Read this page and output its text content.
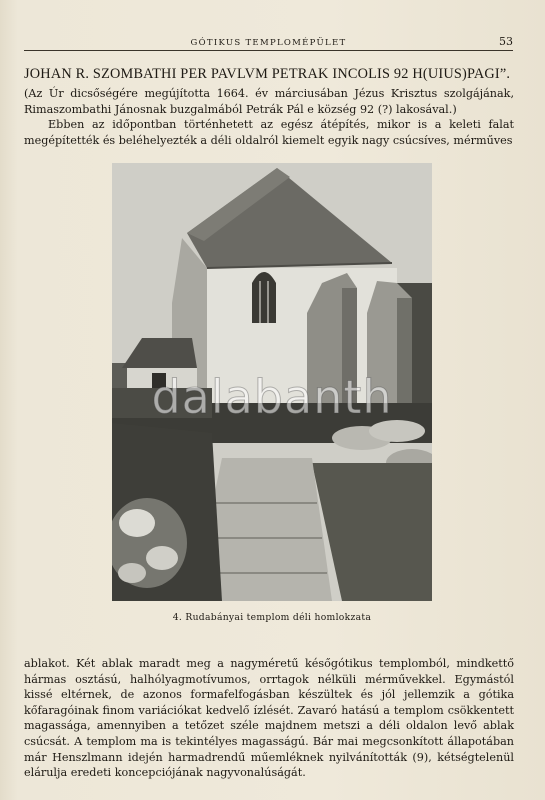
GÓTIKUS TEMPLOMÉPÜLET	53
JOHAN R. SZOMBATHI PER PAVLVM PETRAK INCOLIS 92 H(UIUS)PAGI”.

(Az Úr dicsőségére megújította 1664. év márciusában Jézus Krisztus szolgájának, Rimaszombathi Jánosnak buzgalmából Petrák Pál e község 92 (?) lakosával.)

Ebben az időpontban történhetett az egész átépítés, mikor is a keleti falat megépítették és beléhelyezték a déli oldalról kiemelt egyik nagy csúcsíves, mérműves

dalabanth
4. Rudabányai templom déli homlokzata

ablakot. Két ablak maradt meg a nagyméretű későgótikus templomból, mindkettő hármas osztású, halhólyagmotívumos, orrtagok nélküli mérművekkel. Egymástól kissé eltérnek, de azonos formafelfogásban készültek és jól jellemzik a gótika kőfaragóinak finom variációkat kedvelő ízlését. Zavaró hatású a templom csökkentett magassága, amennyiben a tetőzet széle majdnem metszi a déli oldalon levő ablak csúcsát. A templom ma is tekintélyes magasságú. Bár mai megcsonkított állapotában már Henszlmann idején harmadrendű műemléknek nyilvánították (9), kétségtelenül elárulja eredeti koncepciójának nagyvonalúságát.
